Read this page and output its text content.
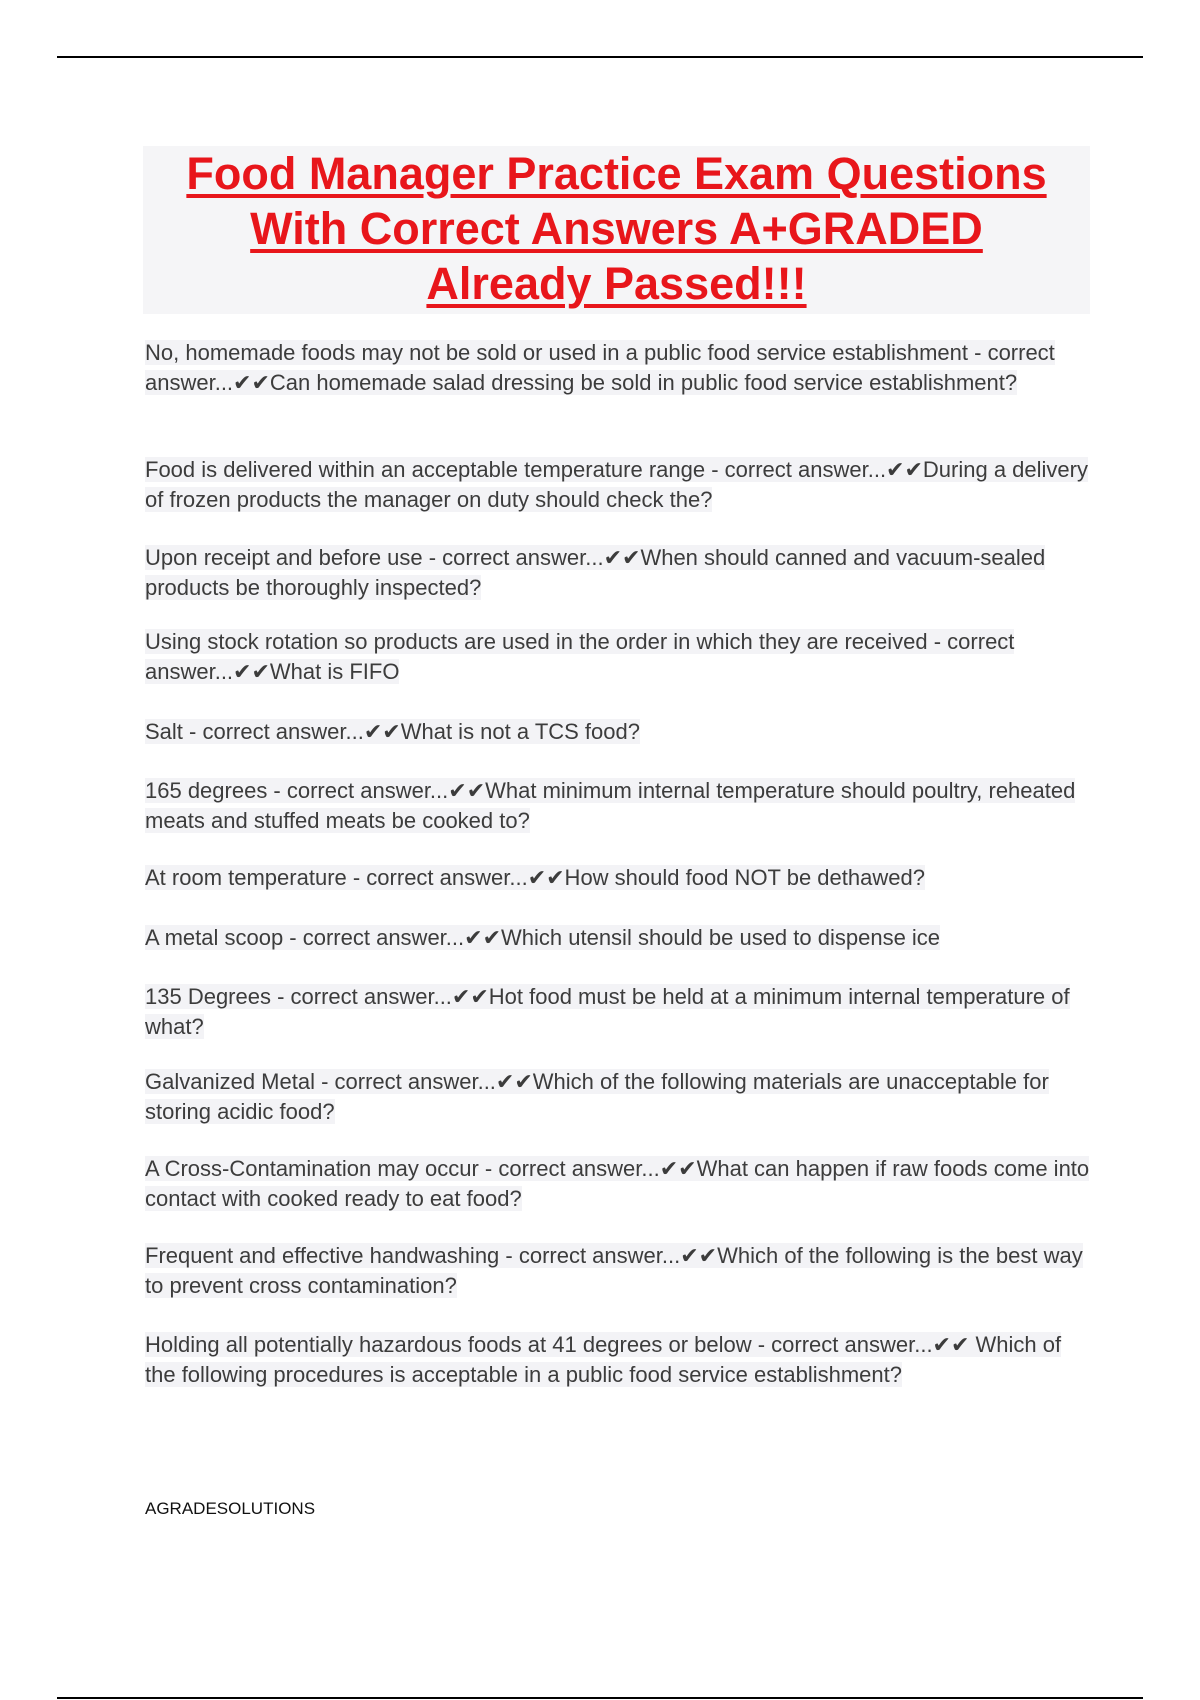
Food Manager Practice Exam Questions
With Correct Answers A+GRADED
Already Passed!!!
No, homemade foods may not be sold or used in a public food service establishment - correct answer...✔✔Can homemade salad dressing be sold in public food service establishment?
Food is delivered within an acceptable temperature range - correct answer...✔✔During a delivery of frozen products the manager on duty should check the?
Upon receipt and before use - correct answer...✔✔When should canned and vacuum-sealed products be thoroughly inspected?
Using stock rotation so products are used in the order in which they are received - correct answer...✔✔What is FIFO
Salt - correct answer...✔✔What is not a TCS food?
165 degrees - correct answer...✔✔What minimum internal temperature should poultry, reheated meats and stuffed meats be cooked to?
At room temperature - correct answer...✔✔How should food NOT be dethawed?
A metal scoop - correct answer...✔✔Which utensil should be used to dispense ice
135 Degrees - correct answer...✔✔Hot food must be held at a minimum internal temperature of what?
Galvanized Metal - correct answer...✔✔Which of the following materials are unacceptable for storing acidic food?
A Cross-Contamination may occur - correct answer...✔✔What can happen if raw foods come into contact with cooked ready to eat food?
Frequent and effective handwashing - correct answer...✔✔Which of the following is the best way to prevent cross contamination?
Holding all potentially hazardous foods at 41 degrees or below - correct answer...✔✔ Which of the following procedures is acceptable in a public food service establishment?
AGRADESOLUTIONS
